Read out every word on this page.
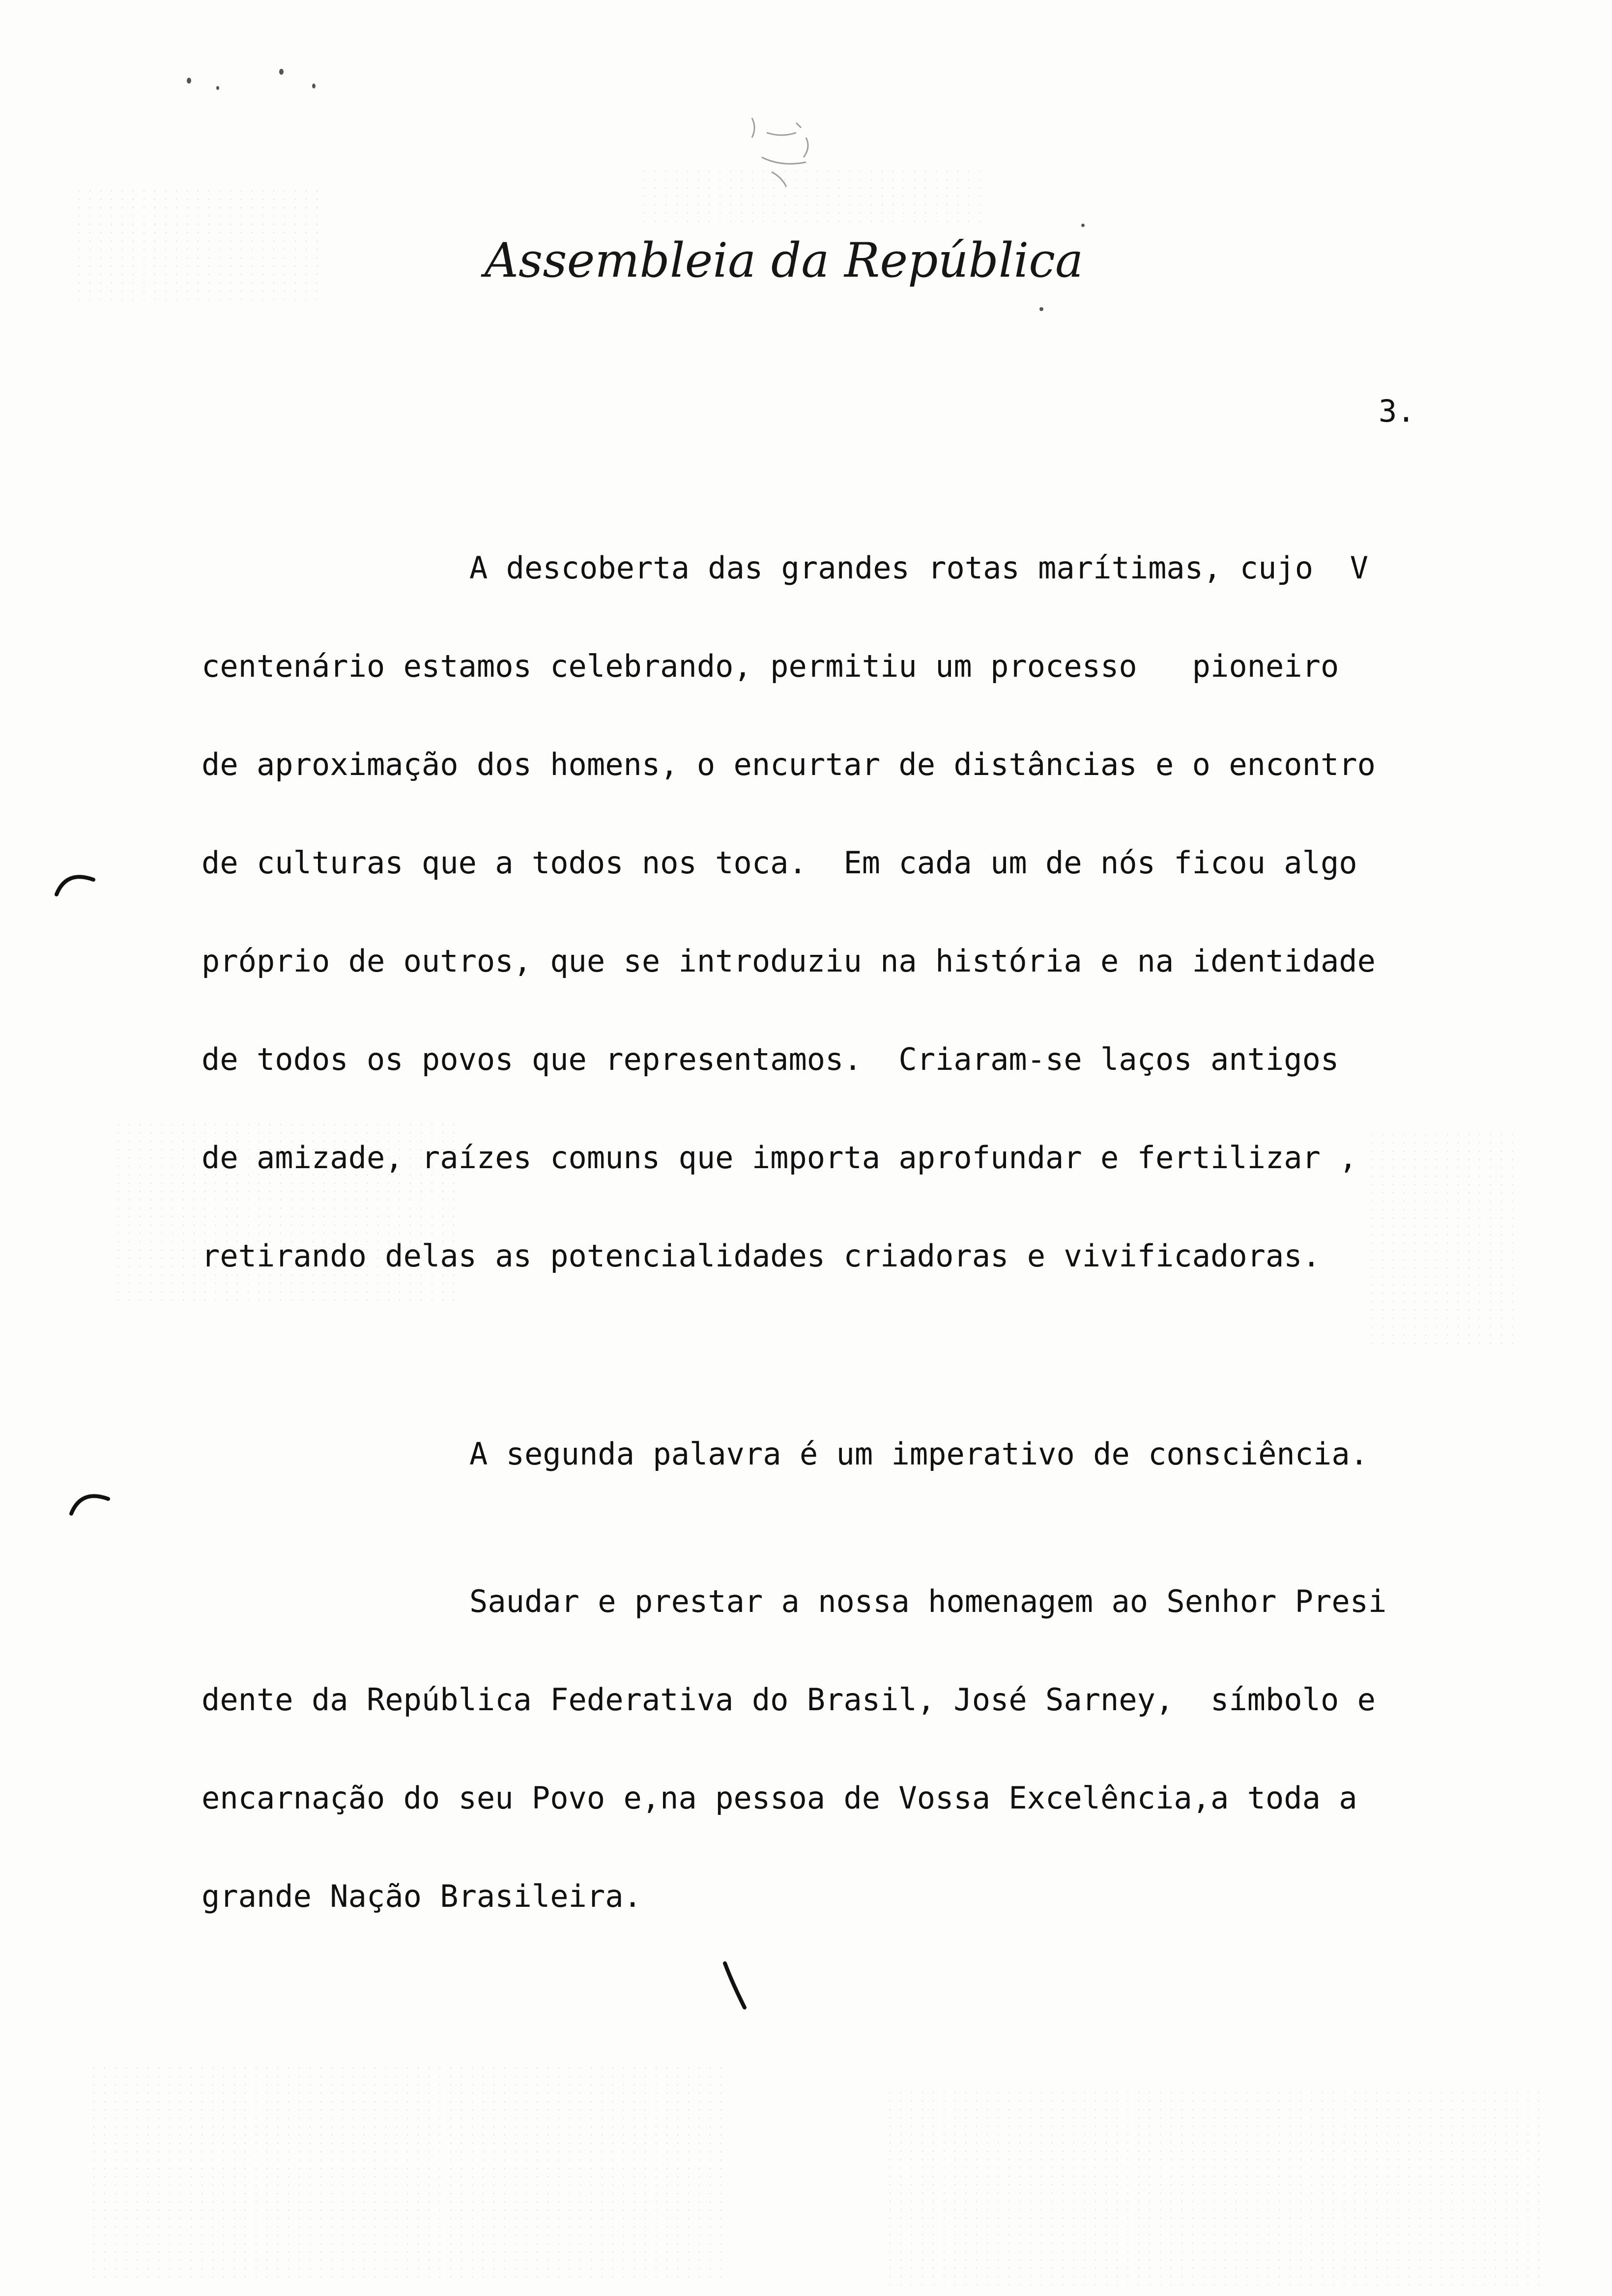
Assembleia da República
3.
A descoberta das grandes rotas marítimas, cujo  V
centenário estamos celebrando, permitiu um processo   pioneiro
de aproximação dos homens, o encurtar de distâncias e o encontro
de culturas que a todos nos toca.  Em cada um de nós ficou algo
próprio de outros, que se introduziu na história e na identidade
de todos os povos que representamos.  Criaram-se laços antigos
de amizade, raízes comuns que importa aprofundar e fertilizar ,
retirando delas as potencialidades criadoras e vivificadoras.
A segunda palavra é um imperativo de consciência.
Saudar e prestar a nossa homenagem ao Senhor Presi
dente da República Federativa do Brasil, José Sarney,  símbolo e
encarnação do seu Povo e,na pessoa de Vossa Excelência,a toda a
grande Nação Brasileira.
